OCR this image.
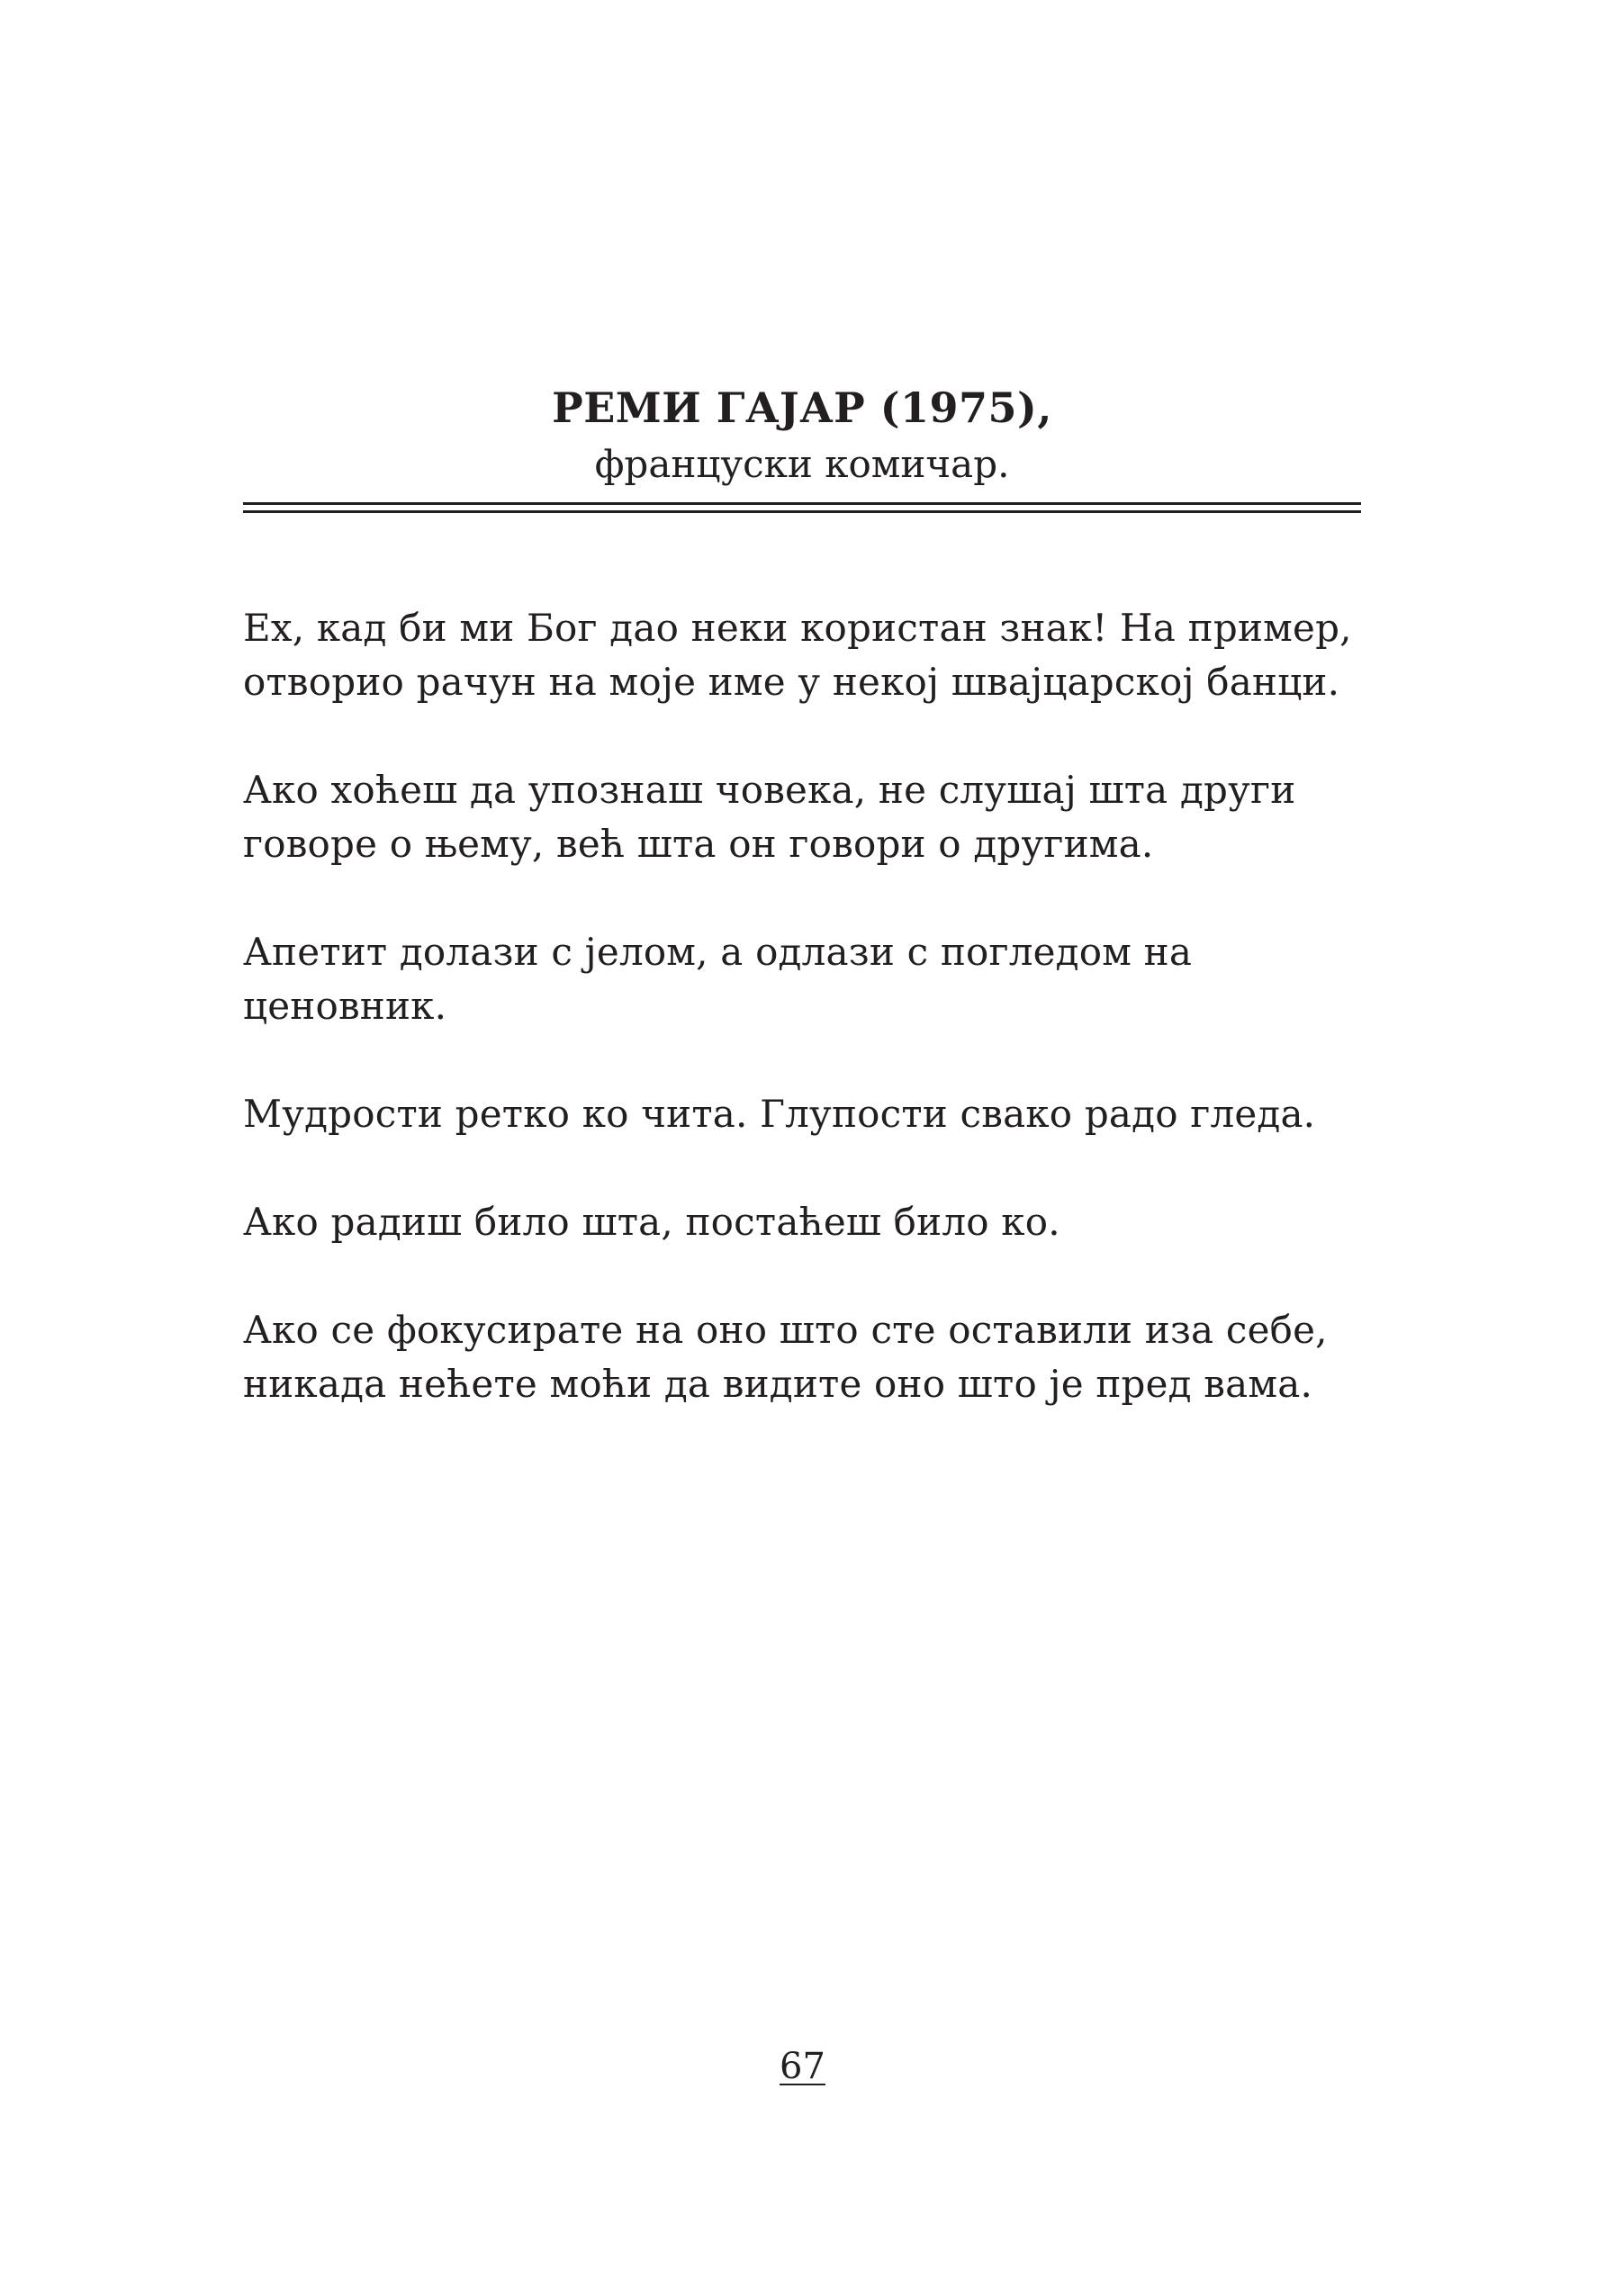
РЕМИ ГАЈАР (1975),

француски комичар.

Ех, кад би ми Бог дао неки користан знак! На пример,
отворио рачун на моје име у некој швајцарској банци.

Ако хоћеш да упознаш човека, не слушај шта други
говоре о њему, већ шта он говори о другима.

Апетит долази с јелом, а одлази с погледом на
ценовник.

Мудрости ретко ко чита. Глупости свако радо гледа.

Ако радиш било шта, постаћеш било ко.

Ако се фокусирате на оно што сте оставили иза себе,
никада нећете моћи да видите оно што је пред вама.

67
